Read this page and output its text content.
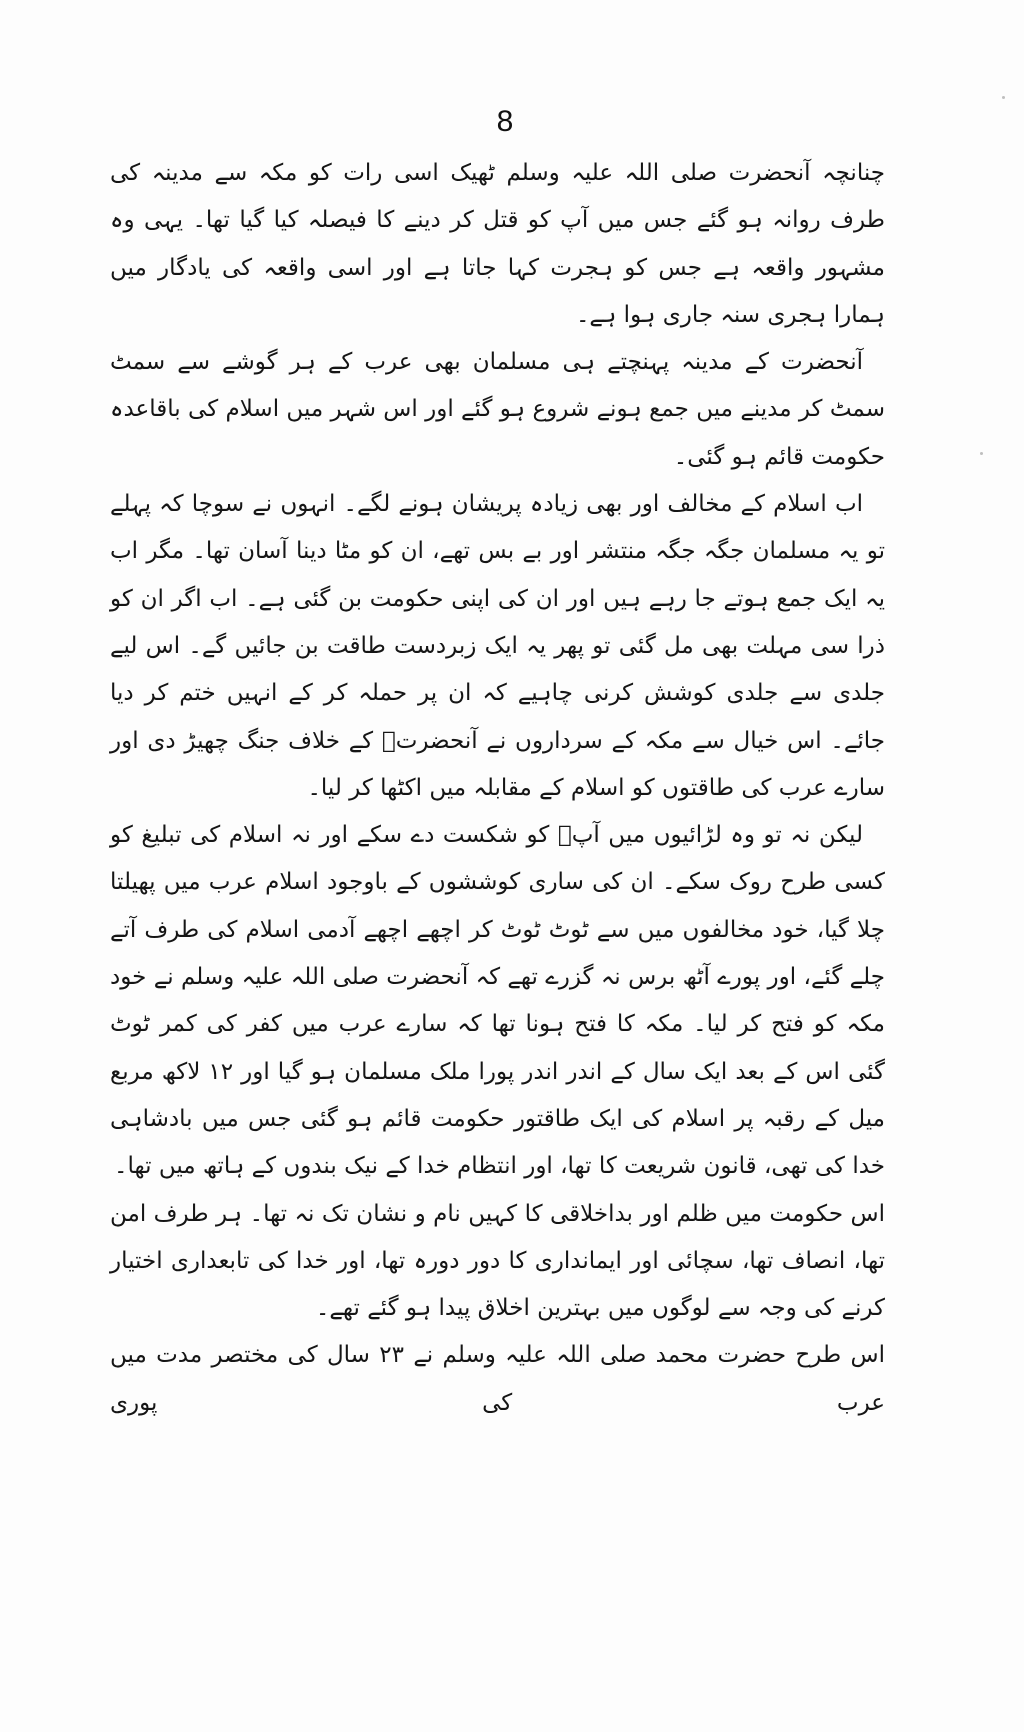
8

چنانچہ آنحضرت صلی اللہ علیہ وسلم ٹھیک اسی رات کو مکہ سے مدینہ کی طرف روانہ ہو گئے جس میں آپ کو قتل کر دینے کا فیصلہ کیا گیا تھا۔ یہی وہ مشہور واقعہ ہے جس کو ہجرت کہا جاتا ہے اور اسی واقعہ کی یادگار میں ہمارا ہجری سنہ جاری ہوا ہے۔

آنحضرت کے مدینہ پہنچتے ہی مسلمان بھی عرب کے ہر گوشے سے سمٹ سمٹ کر مدینے میں جمع ہونے شروع ہو گئے اور اس شہر میں اسلام کی باقاعدہ حکومت قائم ہو گئی۔

اب اسلام کے مخالف اور بھی زیادہ پریشان ہونے لگے۔ انہوں نے سوچا کہ پہلے تو یہ مسلمان جگہ جگہ منتشر اور بے بس تھے، ان کو مٹا دینا آسان تھا۔ مگر اب یہ ایک جمع ہوتے جا رہے ہیں اور ان کی اپنی حکومت بن گئی ہے۔ اب اگر ان کو ذرا سی مہلت بھی مل گئی تو پھر یہ ایک زبردست طاقت بن جائیں گے۔ اس لیے جلدی سے جلدی کوشش کرنی چاہیے کہ ان پر حملہ کر کے انہیں ختم کر دیا جائے۔ اس خیال سے مکہ کے سرداروں نے آنحضرتؐ کے خلاف جنگ چھیڑ دی اور سارے عرب کی طاقتوں کو اسلام کے مقابلہ میں اکٹھا کر لیا۔

لیکن نہ تو وہ لڑائیوں میں آپؐ کو شکست دے سکے اور نہ اسلام کی تبلیغ کو کسی طرح روک سکے۔ ان کی ساری کوششوں کے باوجود اسلام عرب میں پھیلتا چلا گیا، خود مخالفوں میں سے ٹوٹ ٹوٹ کر اچھے اچھے آدمی اسلام کی طرف آتے چلے گئے، اور پورے آٹھ برس نہ گزرے تھے کہ آنحضرت صلی اللہ علیہ وسلم نے خود مکہ کو فتح کر لیا۔ مکہ کا فتح ہونا تھا کہ سارے عرب میں کفر کی کمر ٹوٹ گئی اس کے بعد ایک سال کے اندر اندر پورا ملک مسلمان ہو گیا اور ۱۲ لاکھ مربع میل کے رقبہ پر اسلام کی ایک طاقتور حکومت قائم ہو گئی جس میں بادشاہی خدا کی تھی، قانون شریعت کا تھا، اور انتظام خدا کے نیک بندوں کے ہاتھ میں تھا۔

اس حکومت میں ظلم اور بداخلاقی کا کہیں نام و نشان تک نہ تھا۔ ہر طرف امن تھا، انصاف تھا، سچائی اور ایمانداری کا دور دورہ تھا، اور خدا کی تابعداری اختیار کرنے کی وجہ سے لوگوں میں بہترین اخلاق پیدا ہو گئے تھے۔

اس طرح حضرت محمد صلی اللہ علیہ وسلم نے ۲۳ سال کی مختصر مدت میں عرب کی پوری
